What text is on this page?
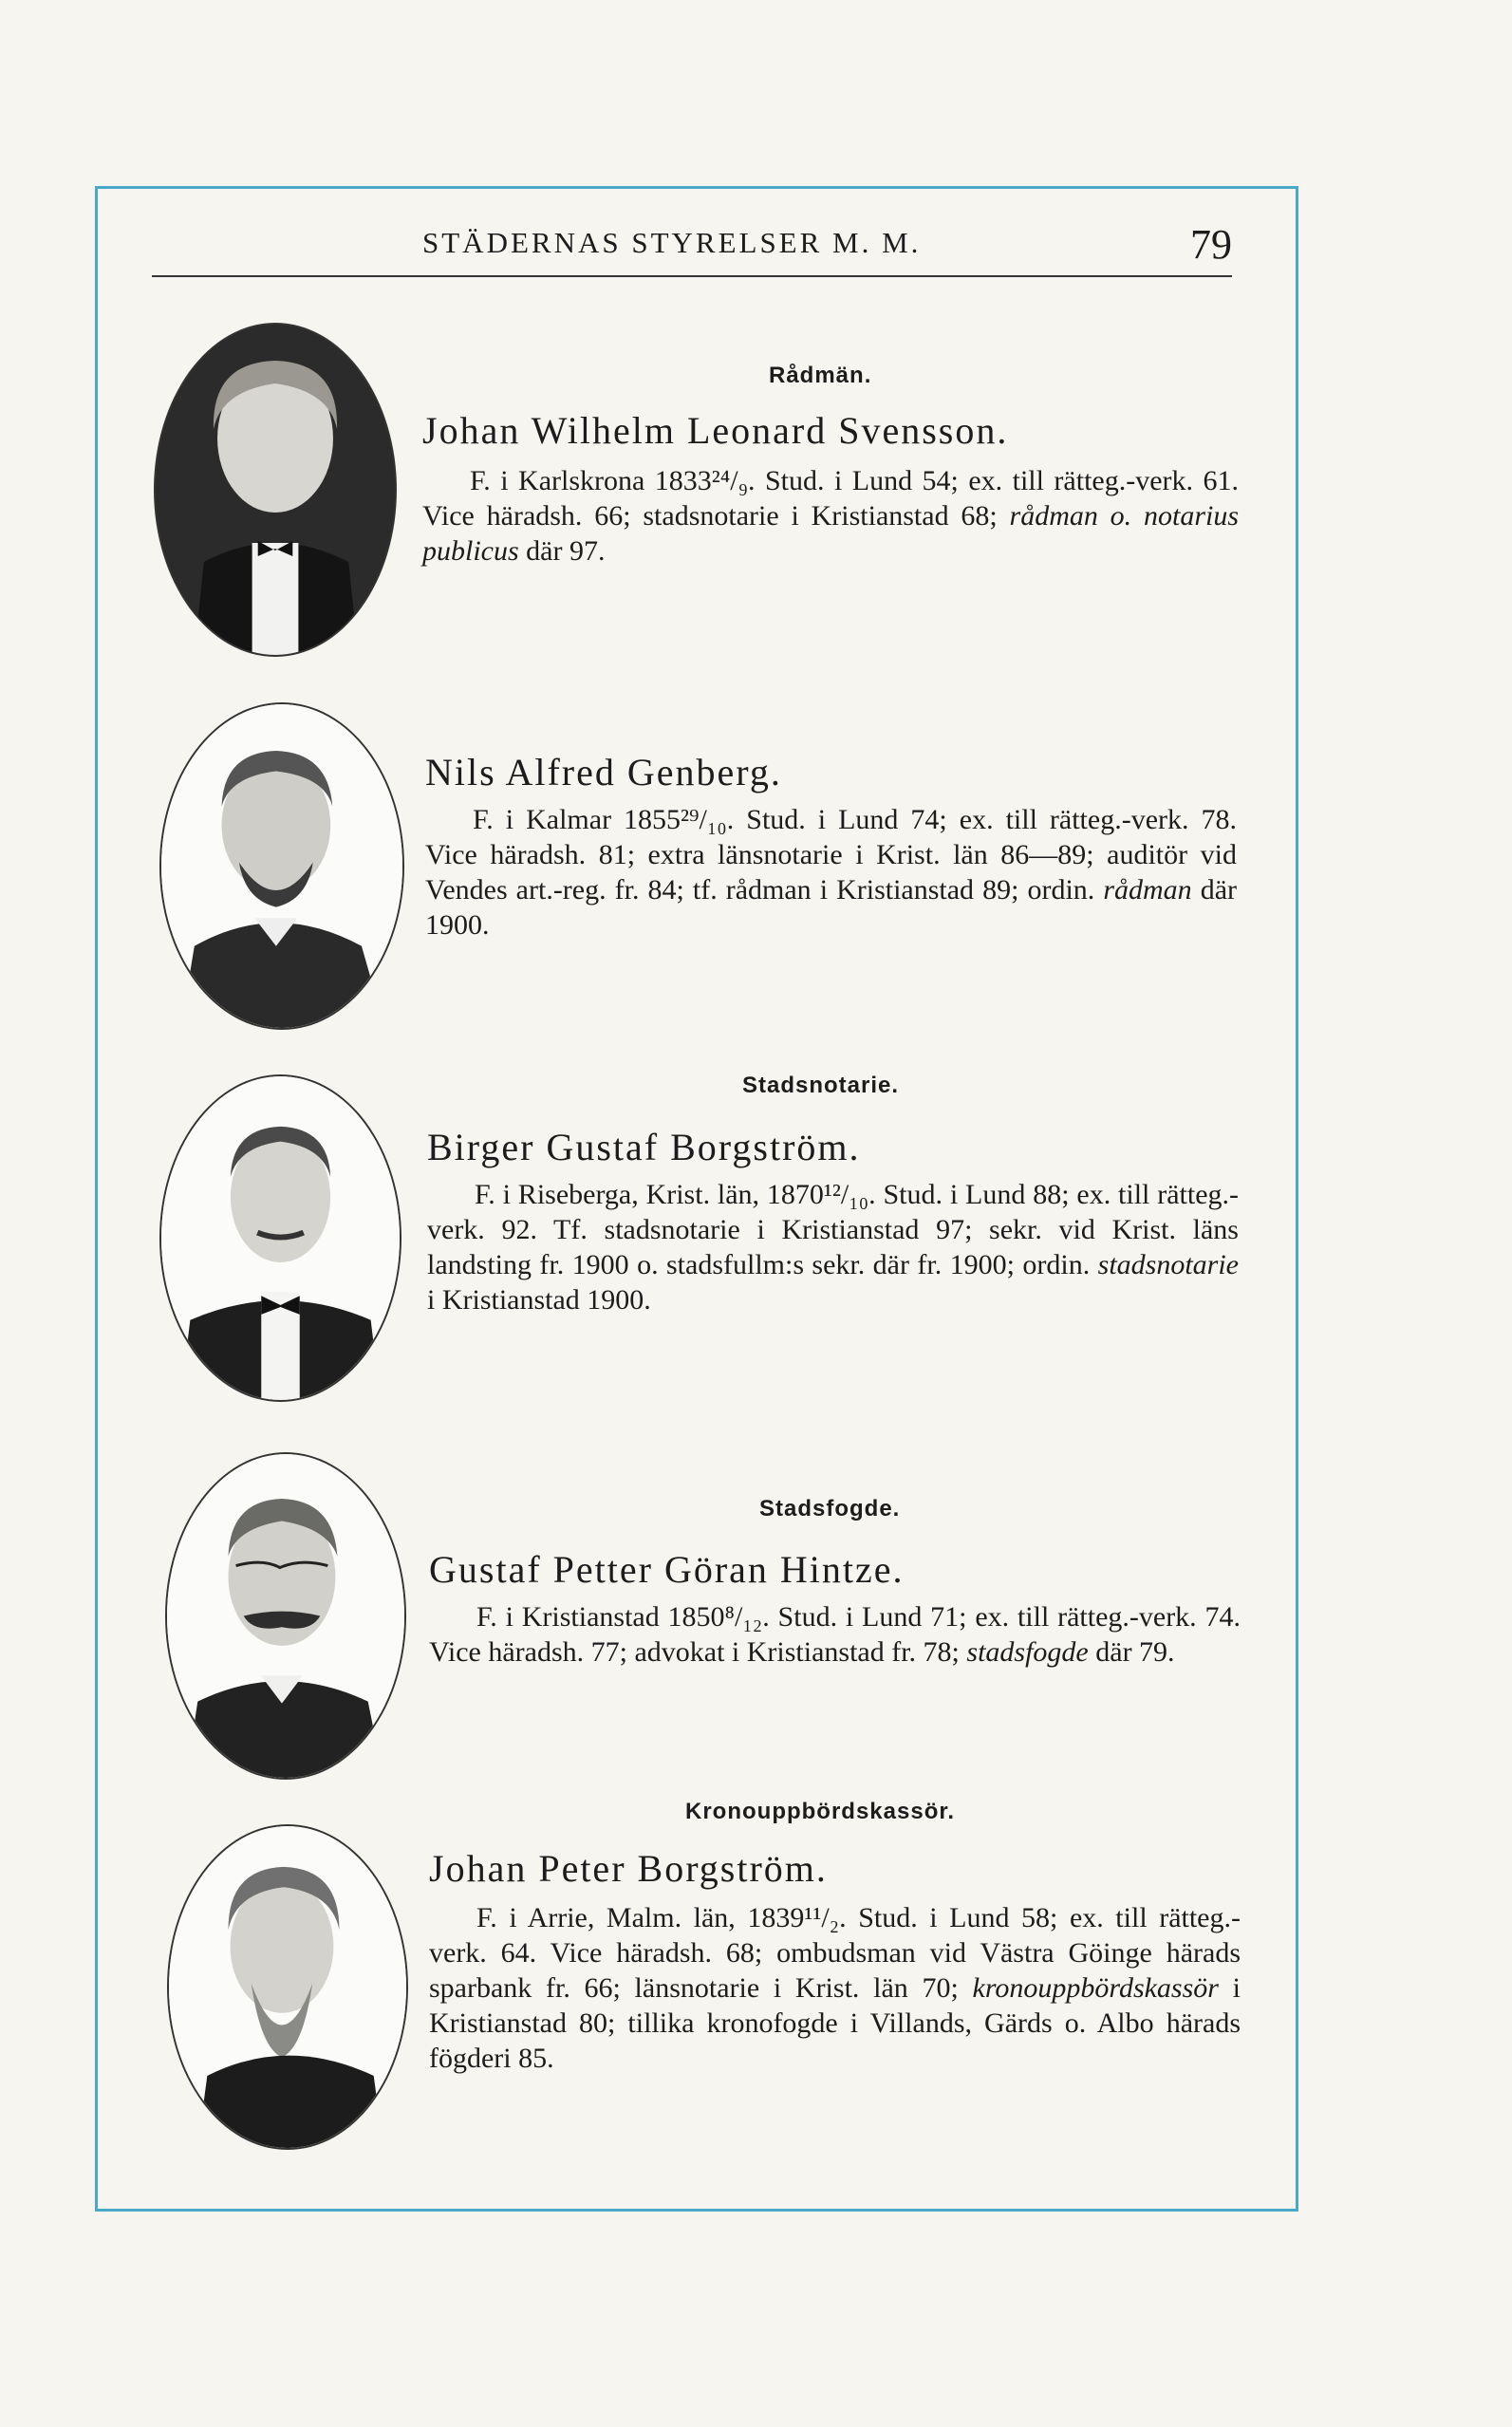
STÄDERNAS STYRELSER M. M.	79
Rådmän.
Johan Wilhelm Leonard Svensson.
F. i Karlskrona 1833²⁴/₉. Stud. i Lund 54; ex. till rätteg.-verk. 61. Vice häradsh. 66; stadsnotarie i Kristianstad 68; rådman o. notarius publicus där 97.
Nils Alfred Genberg.
F. i Kalmar 1855²⁹/₁₀. Stud. i Lund 74; ex. till rätteg.-verk. 78. Vice häradsh. 81; extra länsnotarie i Krist. län 86—89; auditör vid Vendes art.-reg. fr. 84; tf. rådman i Kristianstad 89; ordin. rådman där 1900.
Stadsnotarie.
Birger Gustaf Borgström.
F. i Riseberga, Krist. län, 1870¹²/₁₀. Stud. i Lund 88; ex. till rätteg.-verk. 92. Tf. stadsnotarie i Kristianstad 97; sekr. vid Krist. läns landsting fr. 1900 o. stadsfullm:s sekr. där fr. 1900; ordin. stadsnotarie i Kristianstad 1900.
Stadsfogde.
Gustaf Petter Göran Hintze.
F. i Kristianstad 1850⁸/₁₂. Stud. i Lund 71; ex. till rätteg.-verk. 74. Vice häradsh. 77; advokat i Kristianstad fr. 78; stadsfogde där 79.
Kronouppbördskassör.
Johan Peter Borgström.
F. i Arrie, Malm. län, 1839¹¹/₂. Stud. i Lund 58; ex. till rätteg.-verk. 64. Vice häradsh. 68; ombudsman vid Västra Göinge härads sparbank fr. 66; länsnotarie i Krist. län 70; kronouppbördskassör i Kristianstad 80; tillika kronofogde i Villands, Gärds o. Albo härads fögderi 85.
